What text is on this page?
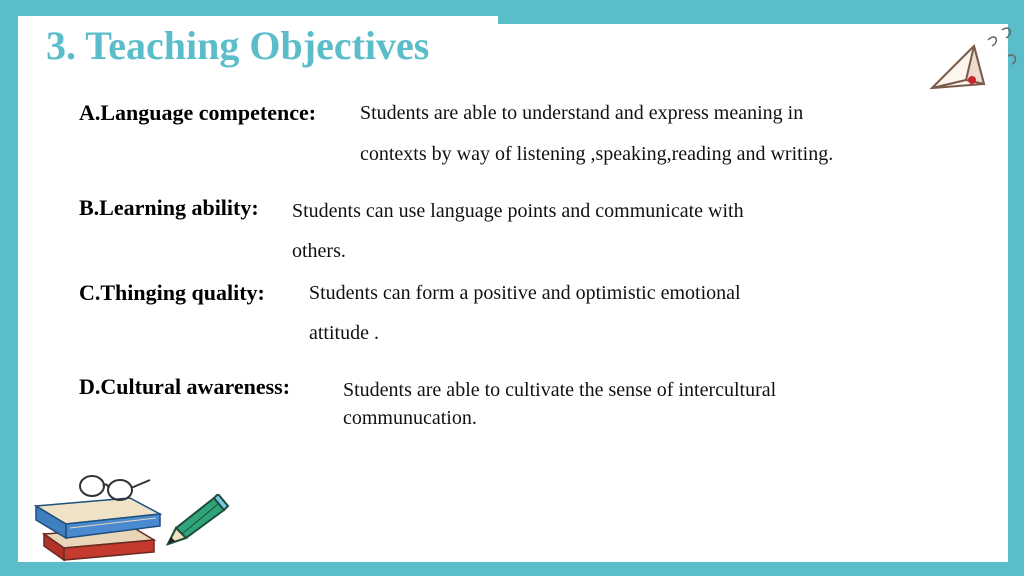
3. Teaching Objectives
A.Language competence: Students are able to understand and express meaning in
contexts by way of listening ,speaking,reading and writing.
B.Learning ability: Students can use language points and communicate with
others.
C.Thinging quality: Students can form a positive and optimistic emotional
attitude .
D.Cultural awareness:	Students are able to cultivate the sense of intercultural
communucation.
